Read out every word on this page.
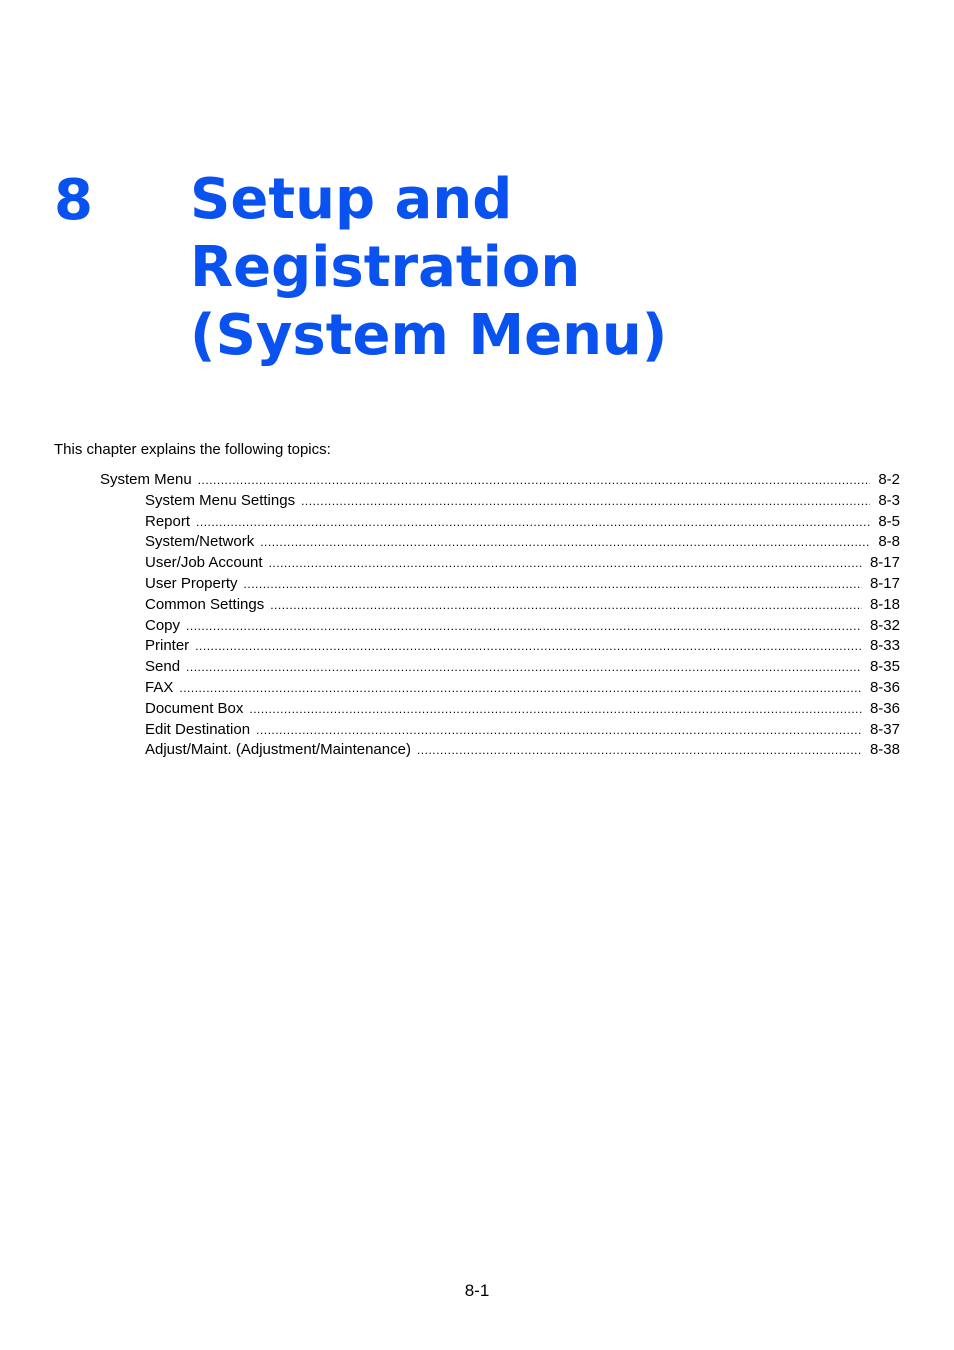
8 Setup and
Registration
(System Menu)
This chapter explains the following topics:
System Menu .....	8-2
System Menu Settings .....	8-3
Report .....	8-5
System/Network .....	8-8
User/Job Account .....	8-17
User Property .....	8-17
Common Settings .....	8-18
Copy .....	8-32
Printer .....	8-33
Send .....	8-35
FAX .....	8-36
Document Box .....	8-36
Edit Destination .....	8-37
Adjust/Maint. (Adjustment/Maintenance) .....	8-38
8-1
